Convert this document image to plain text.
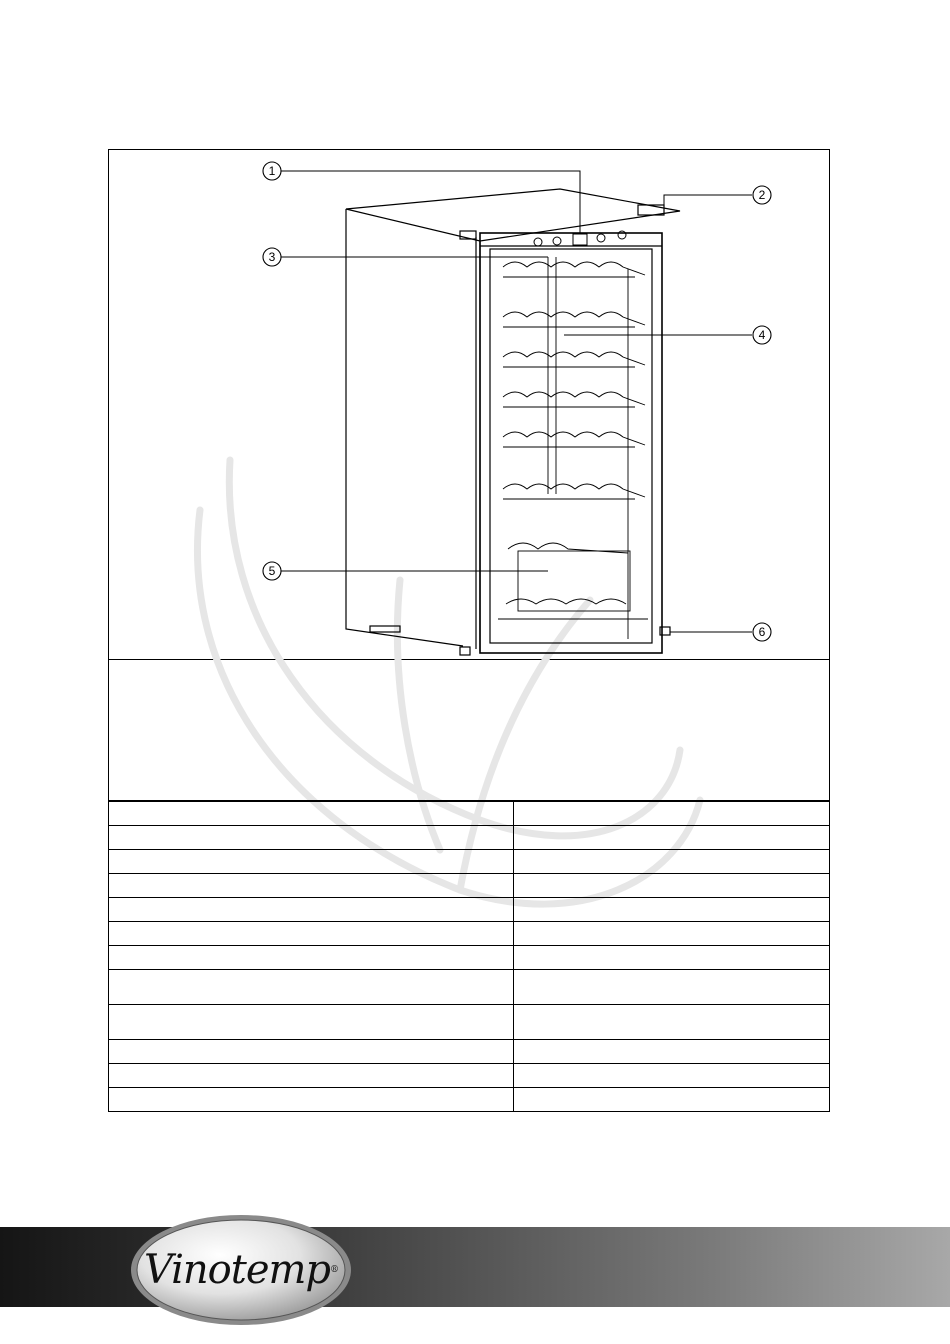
1
2
3
4
5
6

Vinotemp ®
